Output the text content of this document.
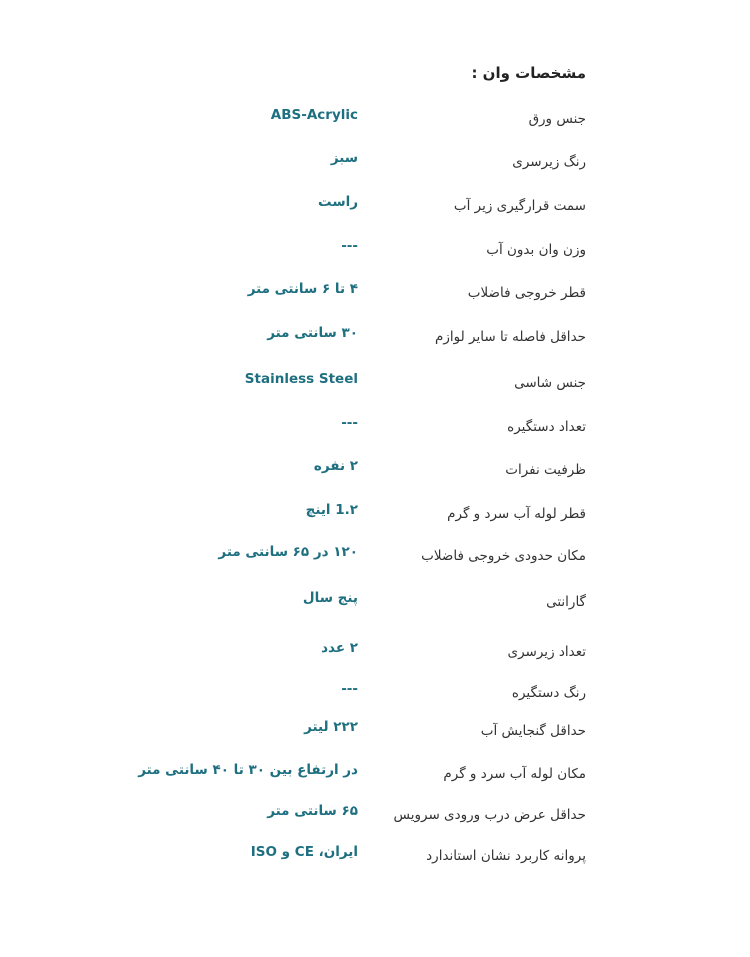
مشخصات وان :
جنس ورق
ABS-Acrylic
رنگ زیرسری
سبز
سمت قرارگیری زیر آب
راست
وزن وان بدون آب
---
قطر خروجی فاضلاب
۴ تا ۶ سانتی متر
حداقل فاصله تا سایر لوازم
۳۰ سانتی متر
جنس شاسی
Stainless Steel
تعداد دستگیره
---
ظرفیت نفرات
۲ نفره
قطر لوله آب سرد و گرم
1.۲ اینچ
مکان حدودی خروجی فاضلاب
۱۲۰ در ۶۵ سانتی متر
گارانتی
پنج سال
تعداد زیرسری
۲ عدد
رنگ دستگیره
---
حداقل گنجایش آب
۲۲۲ لیتر
مکان لوله آب سرد و گرم
در ارتفاع بین ۳۰ تا ۴۰ سانتی متر
حداقل عرض درب ورودی سرویس
۶۵ سانتی متر
پروانه کاربرد نشان استاندارد
ایران، CE و ISO
